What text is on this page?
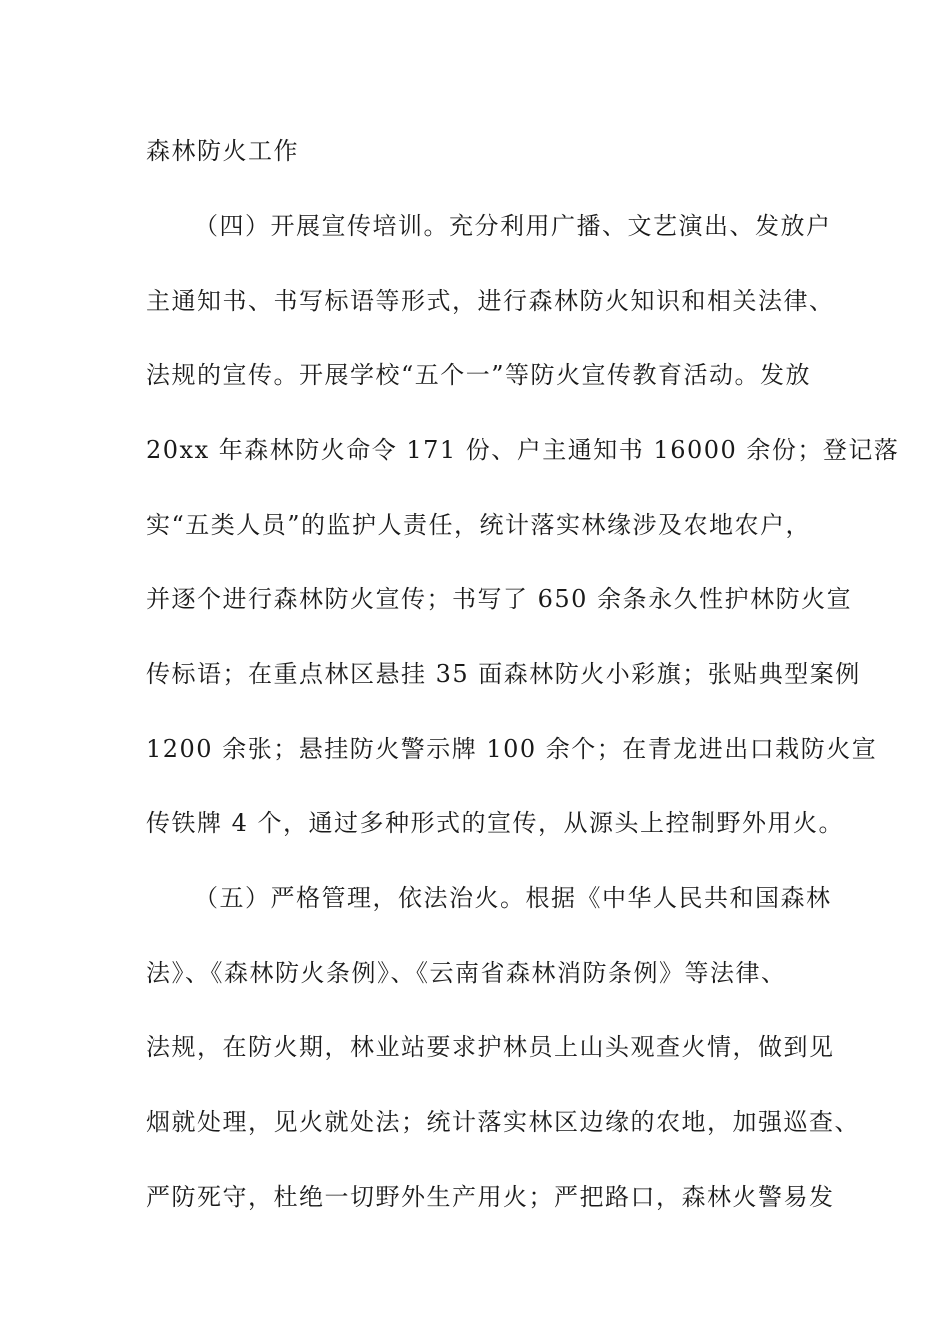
森林防火工作
（四）开展宣传培训。充分利用广播、文艺演出、发放户
主通知书、书写标语等形式，进行森林防火知识和相关法律、
法规的宣传。开展学校“五个一”等防火宣传教育活动。发放
20xx 年森林防火命令 171 份、户主通知书 16000 余份；登记落
实“五类人员”的监护人责任，统计落实林缘涉及农地农户，
并逐个进行森林防火宣传；书写了 650 余条永久性护林防火宣
传标语；在重点林区悬挂 35 面森林防火小彩旗；张贴典型案例
1200 余张；悬挂防火警示牌 100 余个；在青龙进出口栽防火宣
传铁牌 4 个，通过多种形式的宣传，从源头上控制野外用火。
（五）严格管理，依法治火。根据《中华人民共和国森林
法》、《森林防火条例》、《云南省森林消防条例》等法律、
法规，在防火期，林业站要求护林员上山头观查火情，做到见
烟就处理，见火就处法；统计落实林区边缘的农地，加强巡查、
严防死守，杜绝一切野外生产用火；严把路口，森林火警易发
